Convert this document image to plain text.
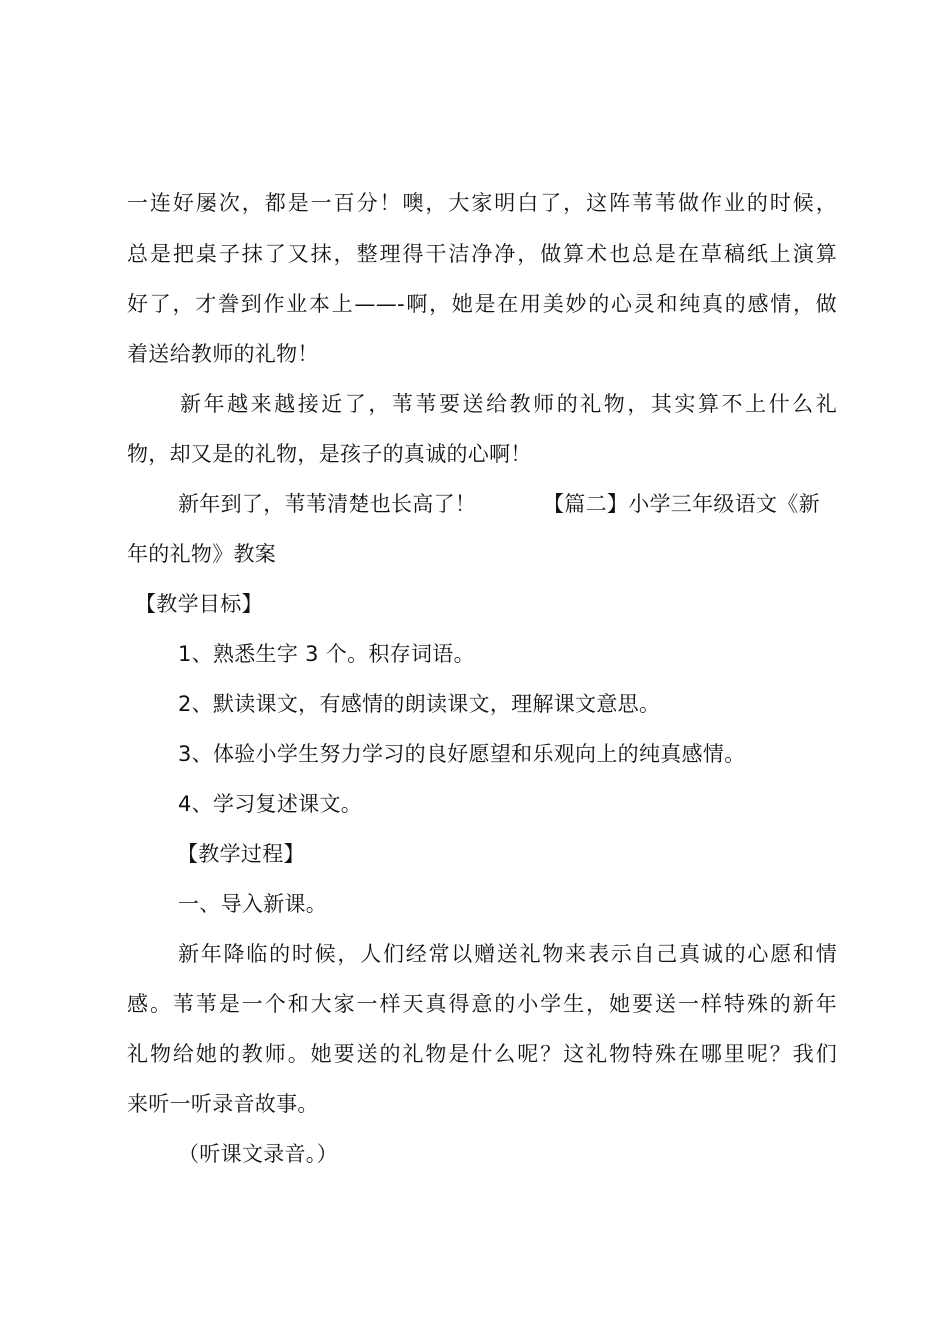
一连好屡次，都是一百分！噢，大家明白了，这阵苇苇做作业的时候，
总是把桌子抹了又抹，整理得干洁净净，做算术也总是在草稿纸上演算
好了，才誊到作业本上——-啊，她是在用美妙的心灵和纯真的感情，做
着送给教师的礼物！
新年越来越接近了，苇苇要送给教师的礼物，其实算不上什么礼
物，却又是的礼物，是孩子的真诚的心啊！
新年到了，苇苇清楚也长高了！	【篇二】小学三年级语文《新
年的礼物》教案
【教学目标】
1、熟悉生字 3 个。积存词语。
2、默读课文，有感情的朗读课文，理解课文意思。
3、体验小学生努力学习的良好愿望和乐观向上的纯真感情。
4、学习复述课文。
【教学过程】
一、导入新课。
新年降临的时候，人们经常以赠送礼物来表示自己真诚的心愿和情
感。苇苇是一个和大家一样天真得意的小学生，她要送一样特殊的新年
礼物给她的教师。她要送的礼物是什么呢？这礼物特殊在哪里呢？我们
来听一听录音故事。
（听课文录音。）
